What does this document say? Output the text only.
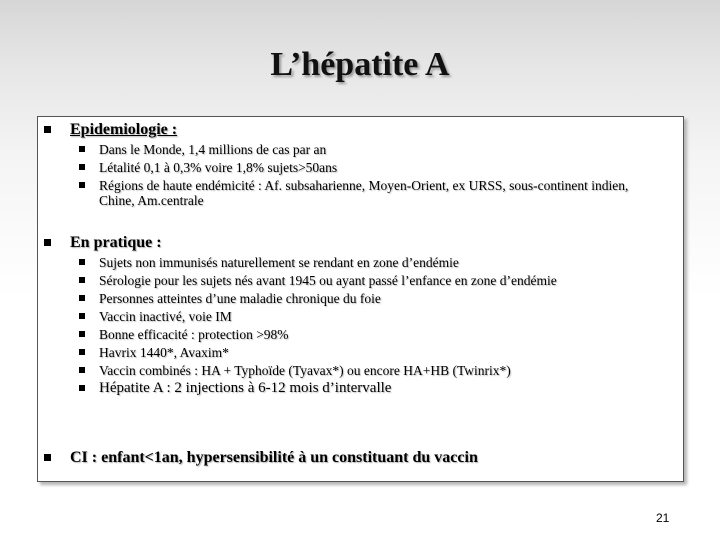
L’hépatite A
Epidemiologie :
Dans le Monde, 1,4 millions de cas par an
Létalité 0,1 à 0,3% voire 1,8% sujets>50ans
Régions de haute endémicité : Af. subsaharienne, Moyen-Orient, ex URSS, sous-continent indien, Chine, Am.centrale
En pratique :
Sujets non immunisés naturellement se rendant en zone d’endémie
Sérologie pour les sujets nés avant 1945 ou ayant passé l’enfance en zone d’endémie
Personnes atteintes d’une maladie chronique du foie
Vaccin inactivé, voie IM
Bonne efficacité : protection >98%
Havrix 1440*, Avaxim*
Vaccin combinés : HA + Typhoïde (Tyavax*) ou encore HA+HB (Twinrix*)
Hépatite A : 2 injections à 6-12 mois d’intervalle
CI : enfant<1an, hypersensibilité à un constituant du vaccin
21
